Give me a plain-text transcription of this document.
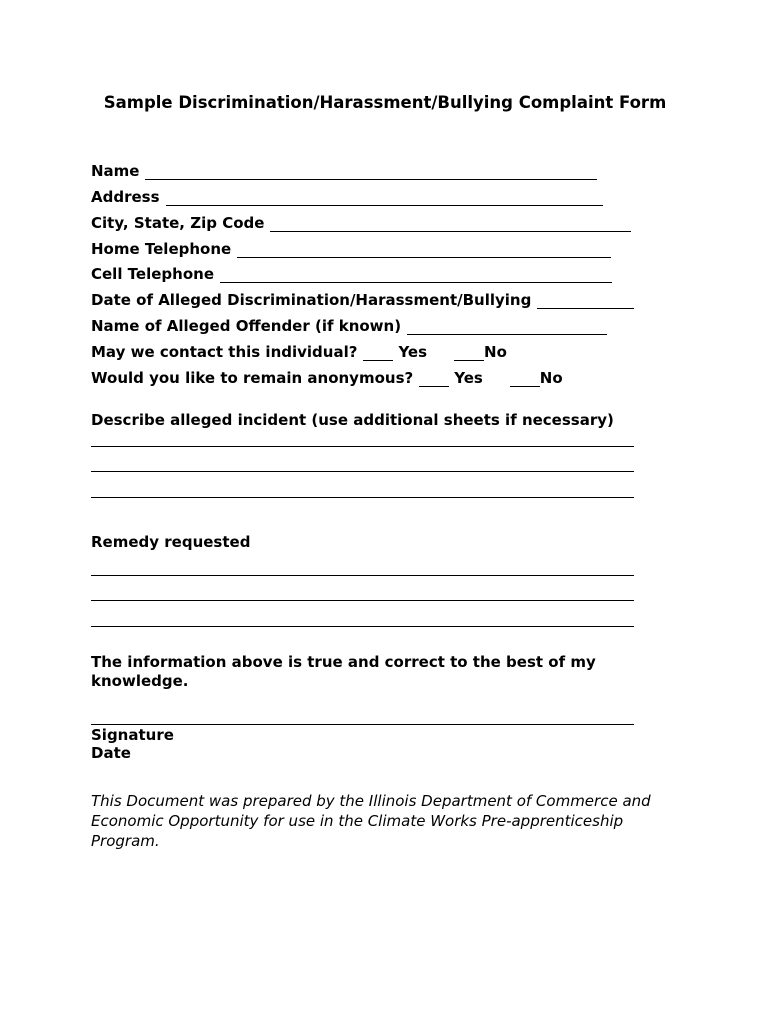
Sample Discrimination/Harassment/Bullying Complaint Form
Name
Address
City, State, Zip Code
Home Telephone
Cell Telephone
Date of Alleged Discrimination/Harassment/Bullying
Name of Alleged Offender (if known)
May we contact this individual?	Yes	No
Would you like to remain anonymous?	Yes	No
Describe alleged incident (use additional sheets if necessary)
Remedy requested
The information above is true and correct to the best of my knowledge.
Signature
Date
This Document was prepared by the Illinois Department of Commerce and Economic Opportunity for use in the Climate Works Pre-apprenticeship Program.
